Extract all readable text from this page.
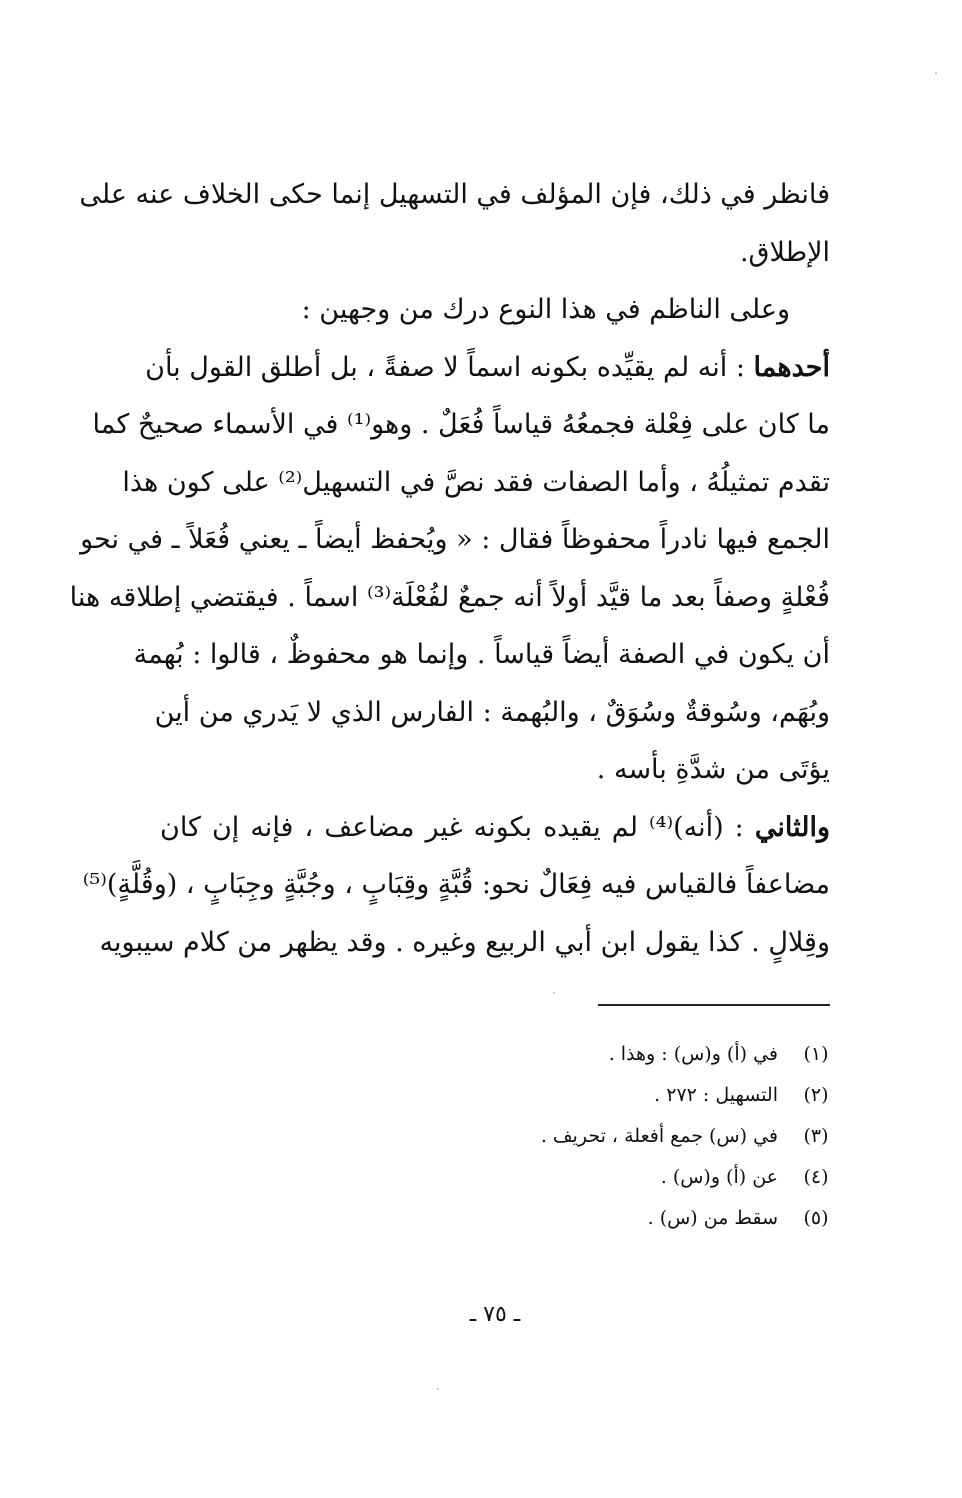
فانظر في ذلك، فإن المؤلف في التسهيل إنما حكى الخلاف عنه على
الإطلاق.
وعلى الناظم في هذا النوع درك من وجهين :
أحدهما : أنه لم يقيِّده بكونه اسماً لا صفةً ، بل أطلق القول بأن
ما كان على فِعْلة فجمعُهُ قياساً فُعَلٌ . وهو⁽¹⁾ في الأسماء صحيحٌ كما
تقدم تمثيلُهُ ، وأما الصفات فقد نصَّ في التسهيل⁽²⁾ على كون هذا
الجمع فيها نادراً محفوظاً فقال : « ويُحفظ أيضاً ـ يعني فُعَلاً ـ في نحو
فُعْلةٍ وصفاً بعد ما قيَّد أولاً أنه جمعٌ لفُعْلَة⁽³⁾ اسماً . فيقتضي إطلاقه هنا
أن يكون في الصفة أيضاً قياساً . وإنما هو محفوظٌ ، قالوا : بُهمة
وبُهَم، وسُوقةٌ وسُوَقٌ ، والبُهمة : الفارس الذي لا يَدري من أين
يؤتَى من شدَّةِ بأسه .
والثاني : (أنه)⁽⁴⁾ لم يقيده بكونه غير مضاعف ، فإنه إن كان
مضاعفاً فالقياس فيه فِعَالٌ نحو: قُبَّةٍ وقِبَابٍ ، وجُبَّةٍ وجِبَابٍ ، (وقُلَّةٍ)⁽⁵⁾
وقِلالٍ . كذا يقول ابن أبي الربيع وغيره . وقد يظهر من كلام سيبويه
(١)
في (أ) و(س) : وهذا .
(٢)
التسهيل : ٢٧٢ .
(٣)
في (س) جمع أفعلة ، تحريف .
(٤)
عن (أ) و(س) .
(٥)
سقط من (س) .
ـ ٧٥ ـ
